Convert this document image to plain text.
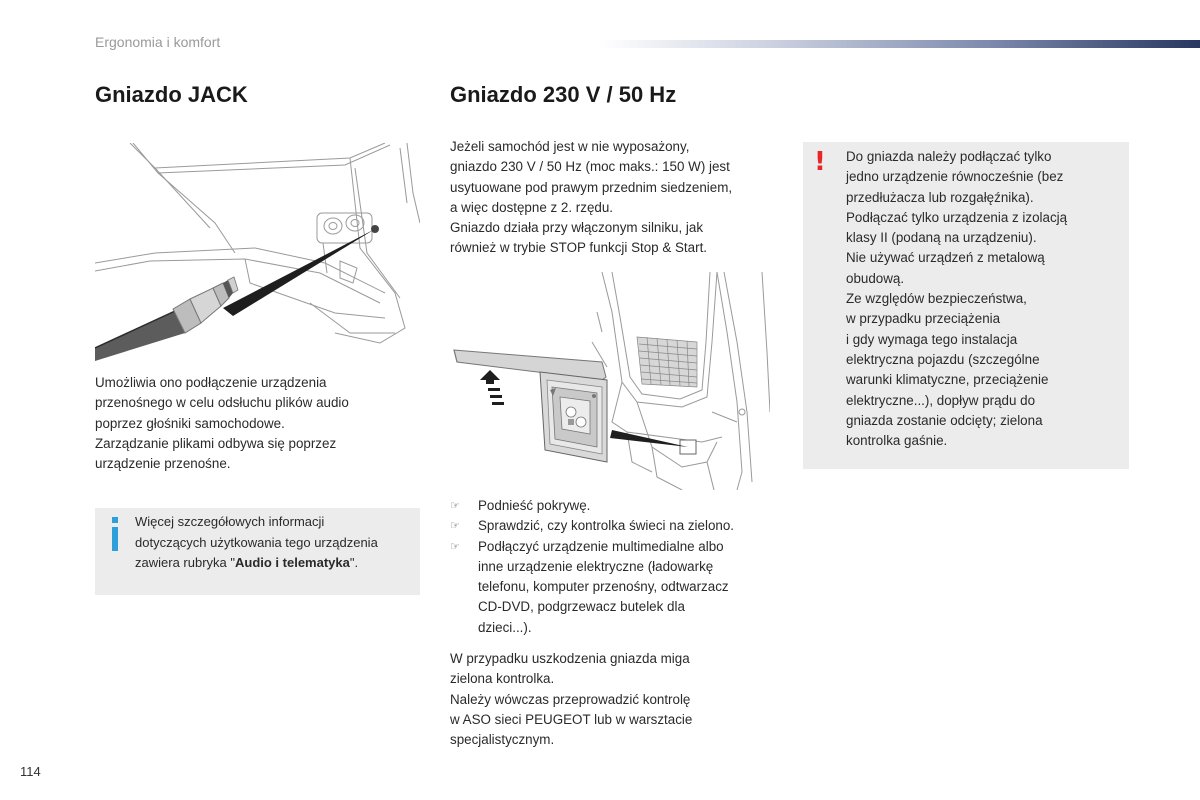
Ergonomia i komfort
Gniazdo JACK	Gniazdo 230 V / 50 Hz

Umożliwia ono podłączenie urządzenia

przenośnego w celu odsłuchu plików audio

poprzez głośniki samochodowe.

Zarządzanie plikami odbywa się poprzez

urządzenie przenośne.

Więcej szczegółowych informacji
dotyczących użytkowania tego urządzenia
zawiera rubryka "Audio i telematyka".

Jeżeli samochód jest w nie wyposażony,

gniazdo 230 V / 50 Hz (moc maks.: 150 W) jest

usytuowane pod prawym przednim siedzeniem,

a więc dostępne z 2. rzędu.

Gniazdo działa przy włączonym silniku, jak

również w trybie STOP funkcji Stop & Start.

☞	Podnieść pokrywę.
☞	Sprawdzić, czy kontrolka świeci na zielono.
☞	Podłączyć urządzenie multimedialne albo
inne urządzenie elektryczne (ładowarkę
telefonu, komputer przenośny, odtwarzacz
CD-DVD, podgrzewacz butelek dla
dzieci...).

W przypadku uszkodzenia gniazda miga

zielona kontrolka.

Należy wówczas przeprowadzić kontrolę

w ASO sieci PEUGEOT lub w warsztacie

specjalistycznym.

! Do gniazda należy podłączać tylko

jedno urządzenie równocześnie (bez

przedłużacza lub rozgałęźnika).

Podłączać tylko urządzenia z izolacją

klasy II (podaną na urządzeniu).

Nie używać urządzeń z metalową

obudową.

Ze względów bezpieczeństwa,

w przypadku przeciążenia

i gdy wymaga tego instalacja

elektryczna pojazdu (szczególne

warunki klimatyczne, przeciążenie

elektryczne...), dopływ prądu do

gniazda zostanie odcięty; zielona

kontrolka gaśnie.

114
